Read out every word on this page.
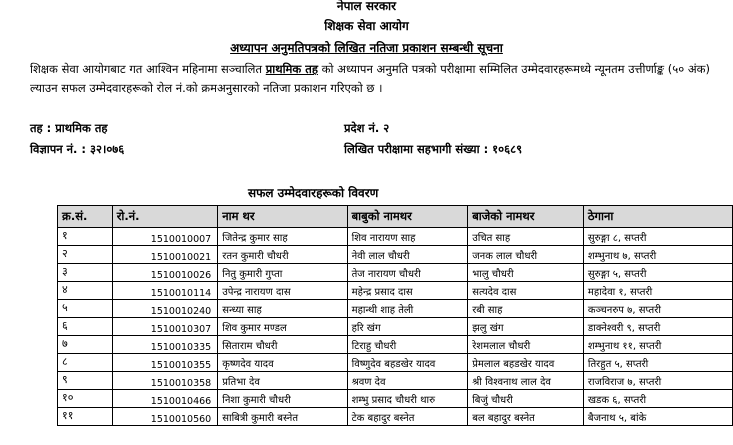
नेपाल सरकार
शिक्षक सेवा आयोग
अध्यापन अनुमतिपत्रको लिखित नतिजा प्रकाशन सम्बन्धी सूचना
शिक्षक सेवा आयोगबाट गत आश्विन महिनामा सञ्चालित प्राथमिक तह को अध्यापन अनुमति पत्रको परीक्षामा सम्मिलित उम्मेदवारहरूमध्ये न्यूनतम उत्तीर्णाङ्क (५० अंक) ल्याउन सफल उम्मेदवारहरूको रोल नं.को क्रमअनुसारको नतिजा प्रकाशन गरिएको छ ।
तह : प्राथमिक तह	प्रदेश नं. २
विज्ञापन नं. : ३२।०७६	लिखित परीक्षामा सहभागी संख्या : १०६८९
सफल उम्मेदवारहरूको विवरण
क्र.सं.	रो.नं.	नाम थर	बाबुको नामथर	बाजेको नामथर	ठेगाना
१	1510010007	जितेन्द्र कुमार साह	शिव नारायण साह	उचित साह	सुरुङ्गा ८, सप्तरी
२	1510010021	रतन कुमारी चौधरी	नेवी लाल चौधरी	जनक लाल चौधरी	शम्भुनाथ ७, सप्तरी
३	1510010026	नितु कुमारी गुप्ता	तेज नारायण चौधरी	भालु चौधरी	सुरुङ्गा ५, सप्तरी
४	1510010114	उपेन्द्र नारायण दास	महेन्द्र प्रसाद दास	सत्यदेव दास	महादेवा १, सप्तरी
५	1510010240	सन्ध्या साह	महान्थी शाह तेली	रबी साह	कञ्चनरुप ७, सप्तरी
६	1510010307	शिव कुमार मण्डल	हरि खंग	झलु खंग	डाक्नेश्वरी ९, सप्तरी
७	1510010335	सिताराम चौधरी	टिराहु चौधरी	रेशमलाल चौधरी	शम्भुनाथ ११, सप्तरी
८	1510010355	कृष्णदेव यादव	विष्णुदेव बहडखेर यादव	प्रेमलाल बहडखेर यादव	तिरहुत ५, सप्तरी
९	1510010358	प्रतिभा देव	श्रवण देव	श्री विश्वनाथ लाल देव	राजविराज ७, सप्तरी
१०	1510010466	निशा कुमारी चौधरी	शम्भु प्रसाद चौधरी थारु	बिजुं चौधरी	खडक ६, सप्तरी
११	1510010560	साबित्री कुमारी बस्नेत	टेक बहादुर बस्नेत	बल बहादुर बस्नेत	बैजनाथ ५, बांके
